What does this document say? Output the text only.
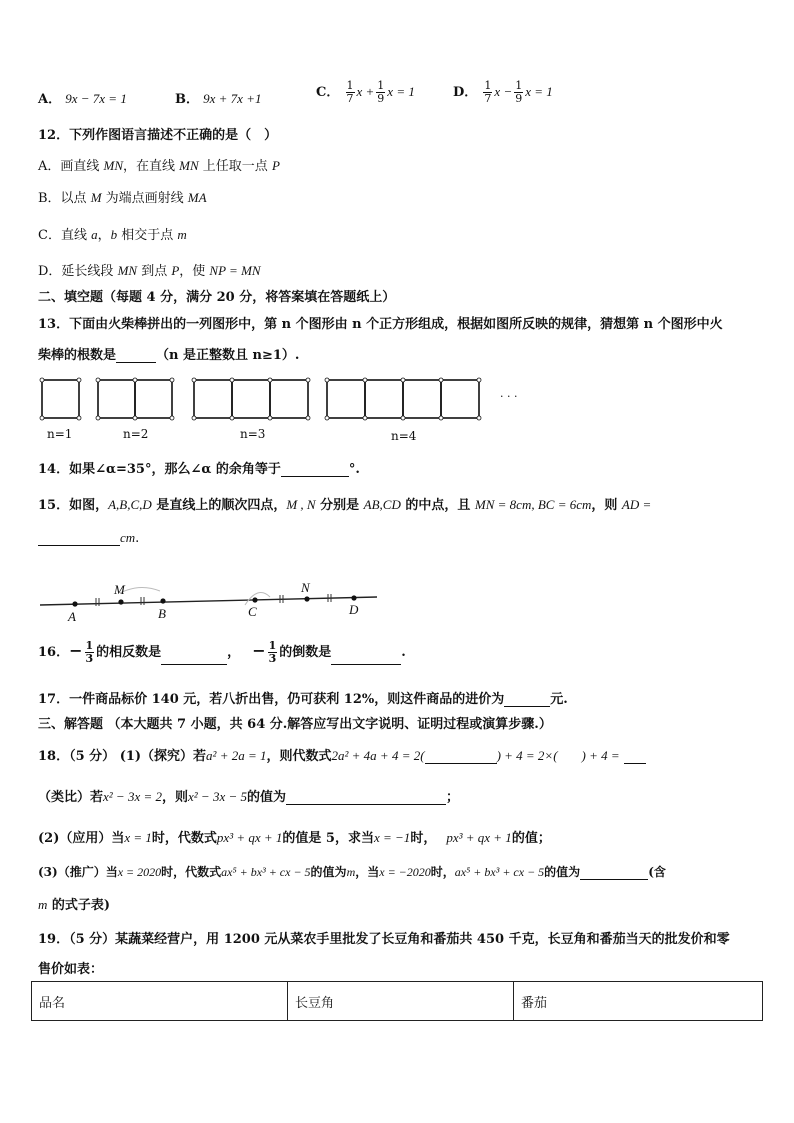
A． 9x − 7x = 1	B． 9x + 7x +1	C． $\frac{1}{7}$ $x + \frac{1}{9}$ x = 1	D． $\frac{1}{7}$ $x - \frac{1}{9}$ x = 1
12．下列作图语言描述不正确的是（　）
A．画直线 MN，在直线 MN 上任取一点 P
B．以点 M 为端点画射线 MA
C．直线 a，b 相交于点 m
D．延长线段 MN 到点 P，使 NP = MN
二、填空题（每题 4 分，满分 20 分，将答案填在答题纸上）
13．下面由火柴棒拼出的一列图形中，第 n 个图形由 n 个正方形组成，根据如图所反映的规律，猜想第 n 个图形中火
柴棒的根数是	（n 是正整数且 n≥1）.
n=1	n=2	n=3	n=4
· · ·
14．如果∠α=35°，那么∠α 的余角等于	°.
15．如图，A,B,C,D 是直线上的顺次四点，M , N 分别是 AB,CD 的中点，且 MN = 8cm, BC = 6cm，则 AD =
cm.
A
M
B	C
N
D
16．− $\frac{1}{3}$ 的相反数是	， − $\frac{1}{3}$ 的倒数是	.
17．一件商品标价 140 元，若八折出售，仍可获利 12%，则这件商品的进价为	元.
三、解答题 （本大题共 7 小题，共 64 分.解答应写出文字说明、证明过程或演算步骤.）
18．（5 分） (1)（探究）若a² + 2a = 1，则代数式2a² + 4a + 4 = 2(	) + 4 = 2×( ) + 4 =
（类比）若x² − 3x = 2，则x² − 3x − 5的值为	；
(2)（应用）当x = 1时，代数式px³ + qx + 1的值是 5，求当x = −1时， px³ + qx + 1的值；
(3)（推广）当x = 2020时，代数式ax⁵ + bx³ + cx − 5的值为m，当x = −2020时，ax⁵ + bx³ + cx − 5的值为	(含
m 的式子表)
19．（5 分）某蔬菜经营户，用 1200 元从菜农手里批发了长豆角和番茄共 450 千克，长豆角和番茄当天的批发价和零
售价如表：
品名	长豆角	番茄
